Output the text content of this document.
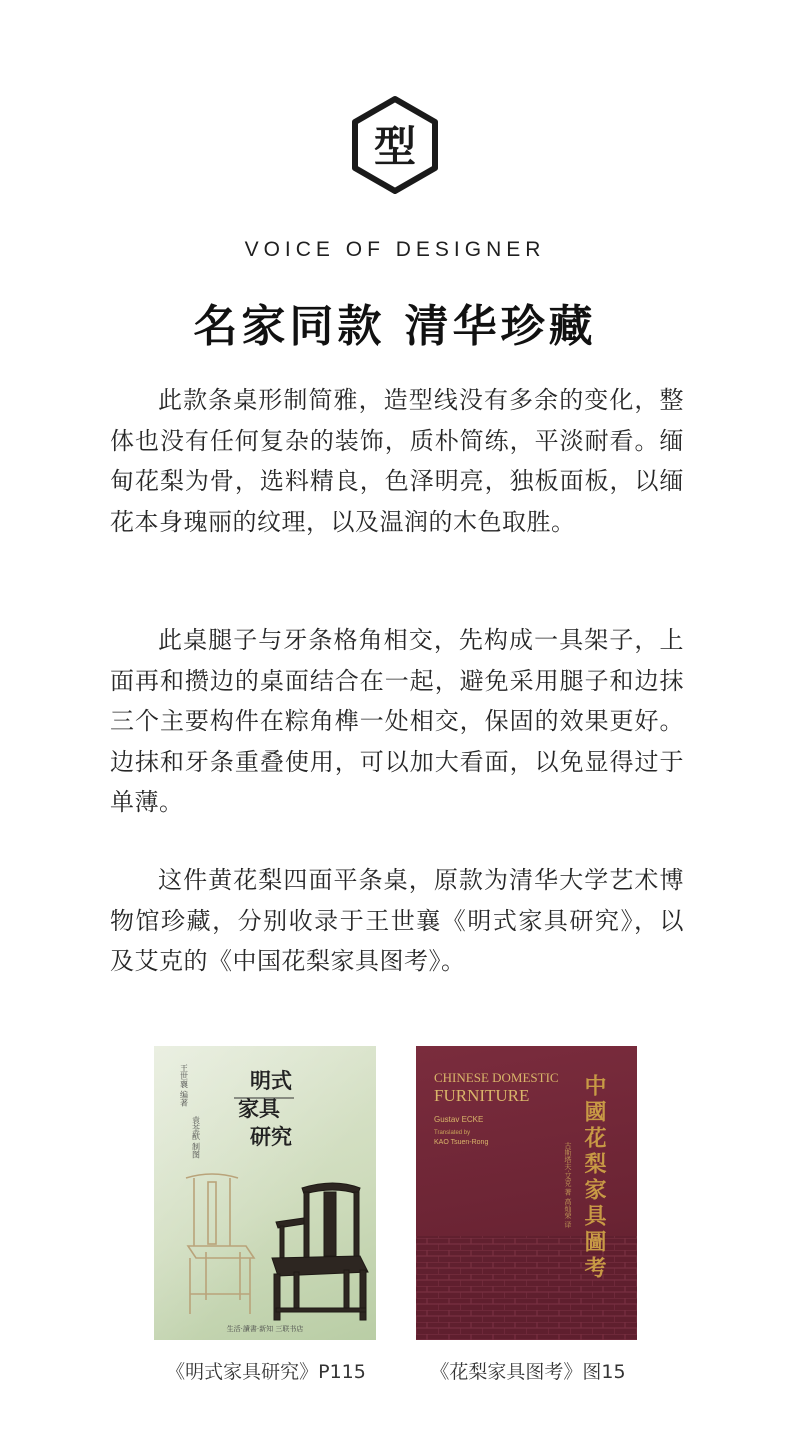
型
VOICE OF DESIGNER
名家同款 清华珍藏

此款条桌形制简雅，造型线没有多余的变化，整体也没有任何复杂的装饰，质朴简练，平淡耐看。缅甸花梨为骨，选料精良，色泽明亮，独板面板，以缅花本身瑰丽的纹理，以及温润的木色取胜。

此桌腿子与牙条格角相交，先构成一具架子，上面再和攒边的桌面结合在一起，避免采用腿子和边抹三个主要构件在粽角榫一处相交，保固的效果更好。边抹和牙条重叠使用，可以加大看面，以免显得过于单薄。

这件黄花梨四面平条桌，原款为清华大学艺术博物馆珍藏，分别收录于王世襄《明式家具研究》，以及艾克的《中国花梨家具图考》。

王世襄 编著
袁荃猷 制图
明式
家具
研究
生活·讀書·新知 三联书店
CHINESE DOMESTIC
FURNITURE
Gustav ECKE
Translated by
KAO Tsuen-Rong	中國花梨家具圖考
古斯塔夫·艾克 著 高灿荣 译
《明式家具研究》P115	《花梨家具图考》图15
